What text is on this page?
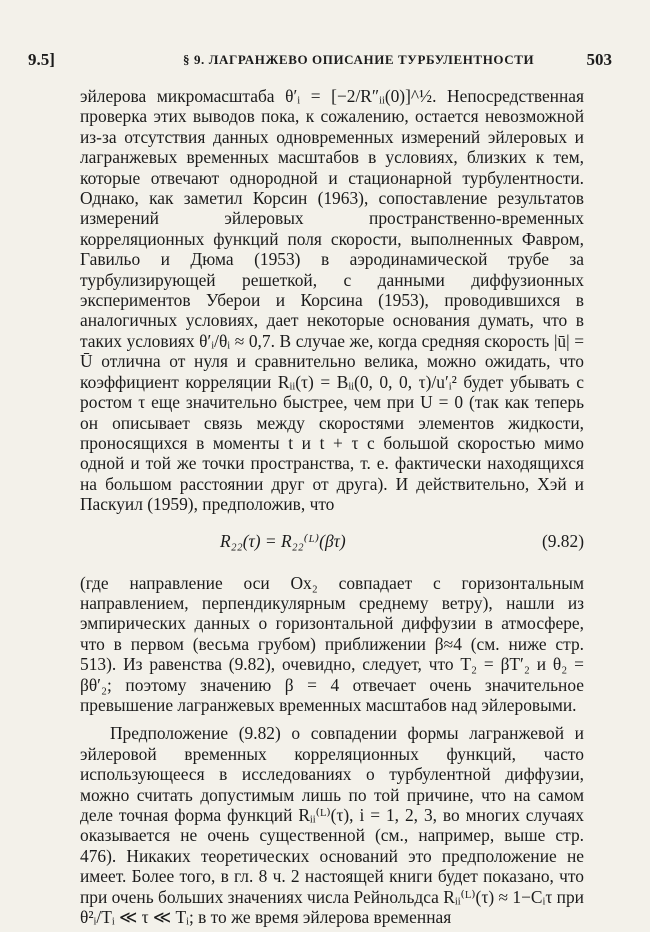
9.5]	§ 9. ЛАГРАНЖЕВО ОПИСАНИЕ ТУРБУЛЕНТНОСТИ	503

эйлерова микромасштаба θ′ᵢ = [−2/R″ᵢᵢ(0)]^½. Непосредственная проверка этих выводов пока, к сожалению, остается невозможной из-за отсутствия данных одновременных измерений эйлеровых и лагранжевых временных масштабов в условиях, близких к тем, которые отвечают однородной и стационарной турбулентности. Однако, как заметил Корсин (1963), сопоставление результатов измерений эйлеровых пространственно-временных корреляционных функций поля скорости, выполненных Фавром, Гавильо и Дюма (1953) в аэродинамической трубе за турбулизирующей решеткой, с данными диффузионных экспериментов Уберои и Корсина (1953), проводившихся в аналогичных условиях, дает некоторые основания думать, что в таких условиях θ′ᵢ/θᵢ ≈ 0,7. В случае же, когда средняя скорость |ū| = Ū отлична от нуля и сравнительно велика, можно ожидать, что коэффициент корреляции Rᵢᵢ(τ) = Bᵢᵢ(0, 0, 0, τ)/u′ᵢ² будет убывать с ростом τ еще значительно быстрее, чем при U = 0 (так как теперь он описывает связь между скоростями элементов жидкости, проносящихся в моменты t и t + τ с большой скоростью мимо одной и той же точки пространства, т. е. фактически находящихся на большом расстоянии друг от друга). И действительно, Хэй и Паскуил (1959), предположив, что

R₂₂(τ) = R₂₂⁽ᴸ⁾(βτ)	(9.82)

(где направление оси Ox₂ совпадает с горизонтальным направлением, перпендикулярным среднему ветру), нашли из эмпирических данных о горизонтальной диффузии в атмосфере, что в первом (весьма грубом) приближении β≈4 (см. ниже стр. 513). Из равенства (9.82), очевидно, следует, что T₂ = βT′₂ и θ₂ = βθ′₂; поэтому значению β = 4 отвечает очень значительное превышение лагранжевых временных масштабов над эйлеровыми.

Предположение (9.82) о совпадении формы лагранжевой и эйлеровой временных корреляционных функций, часто использующееся в исследованиях о турбулентной диффузии, можно считать допустимым лишь по той причине, что на самом деле точная форма функций Rᵢᵢ⁽ᴸ⁾(τ), i = 1, 2, 3, во многих случаях оказывается не очень существенной (см., например, выше стр. 476). Никаких теоретических оснований это предположение не имеет. Более того, в гл. 8 ч. 2 настоящей книги будет показано, что при очень больших значениях числа Рейнольдса Rᵢᵢ⁽ᴸ⁾(τ) ≈ 1−Cᵢτ при θ²ᵢ/Tᵢ ≪ τ ≪ Tᵢ; в то же время эйлерова временная
